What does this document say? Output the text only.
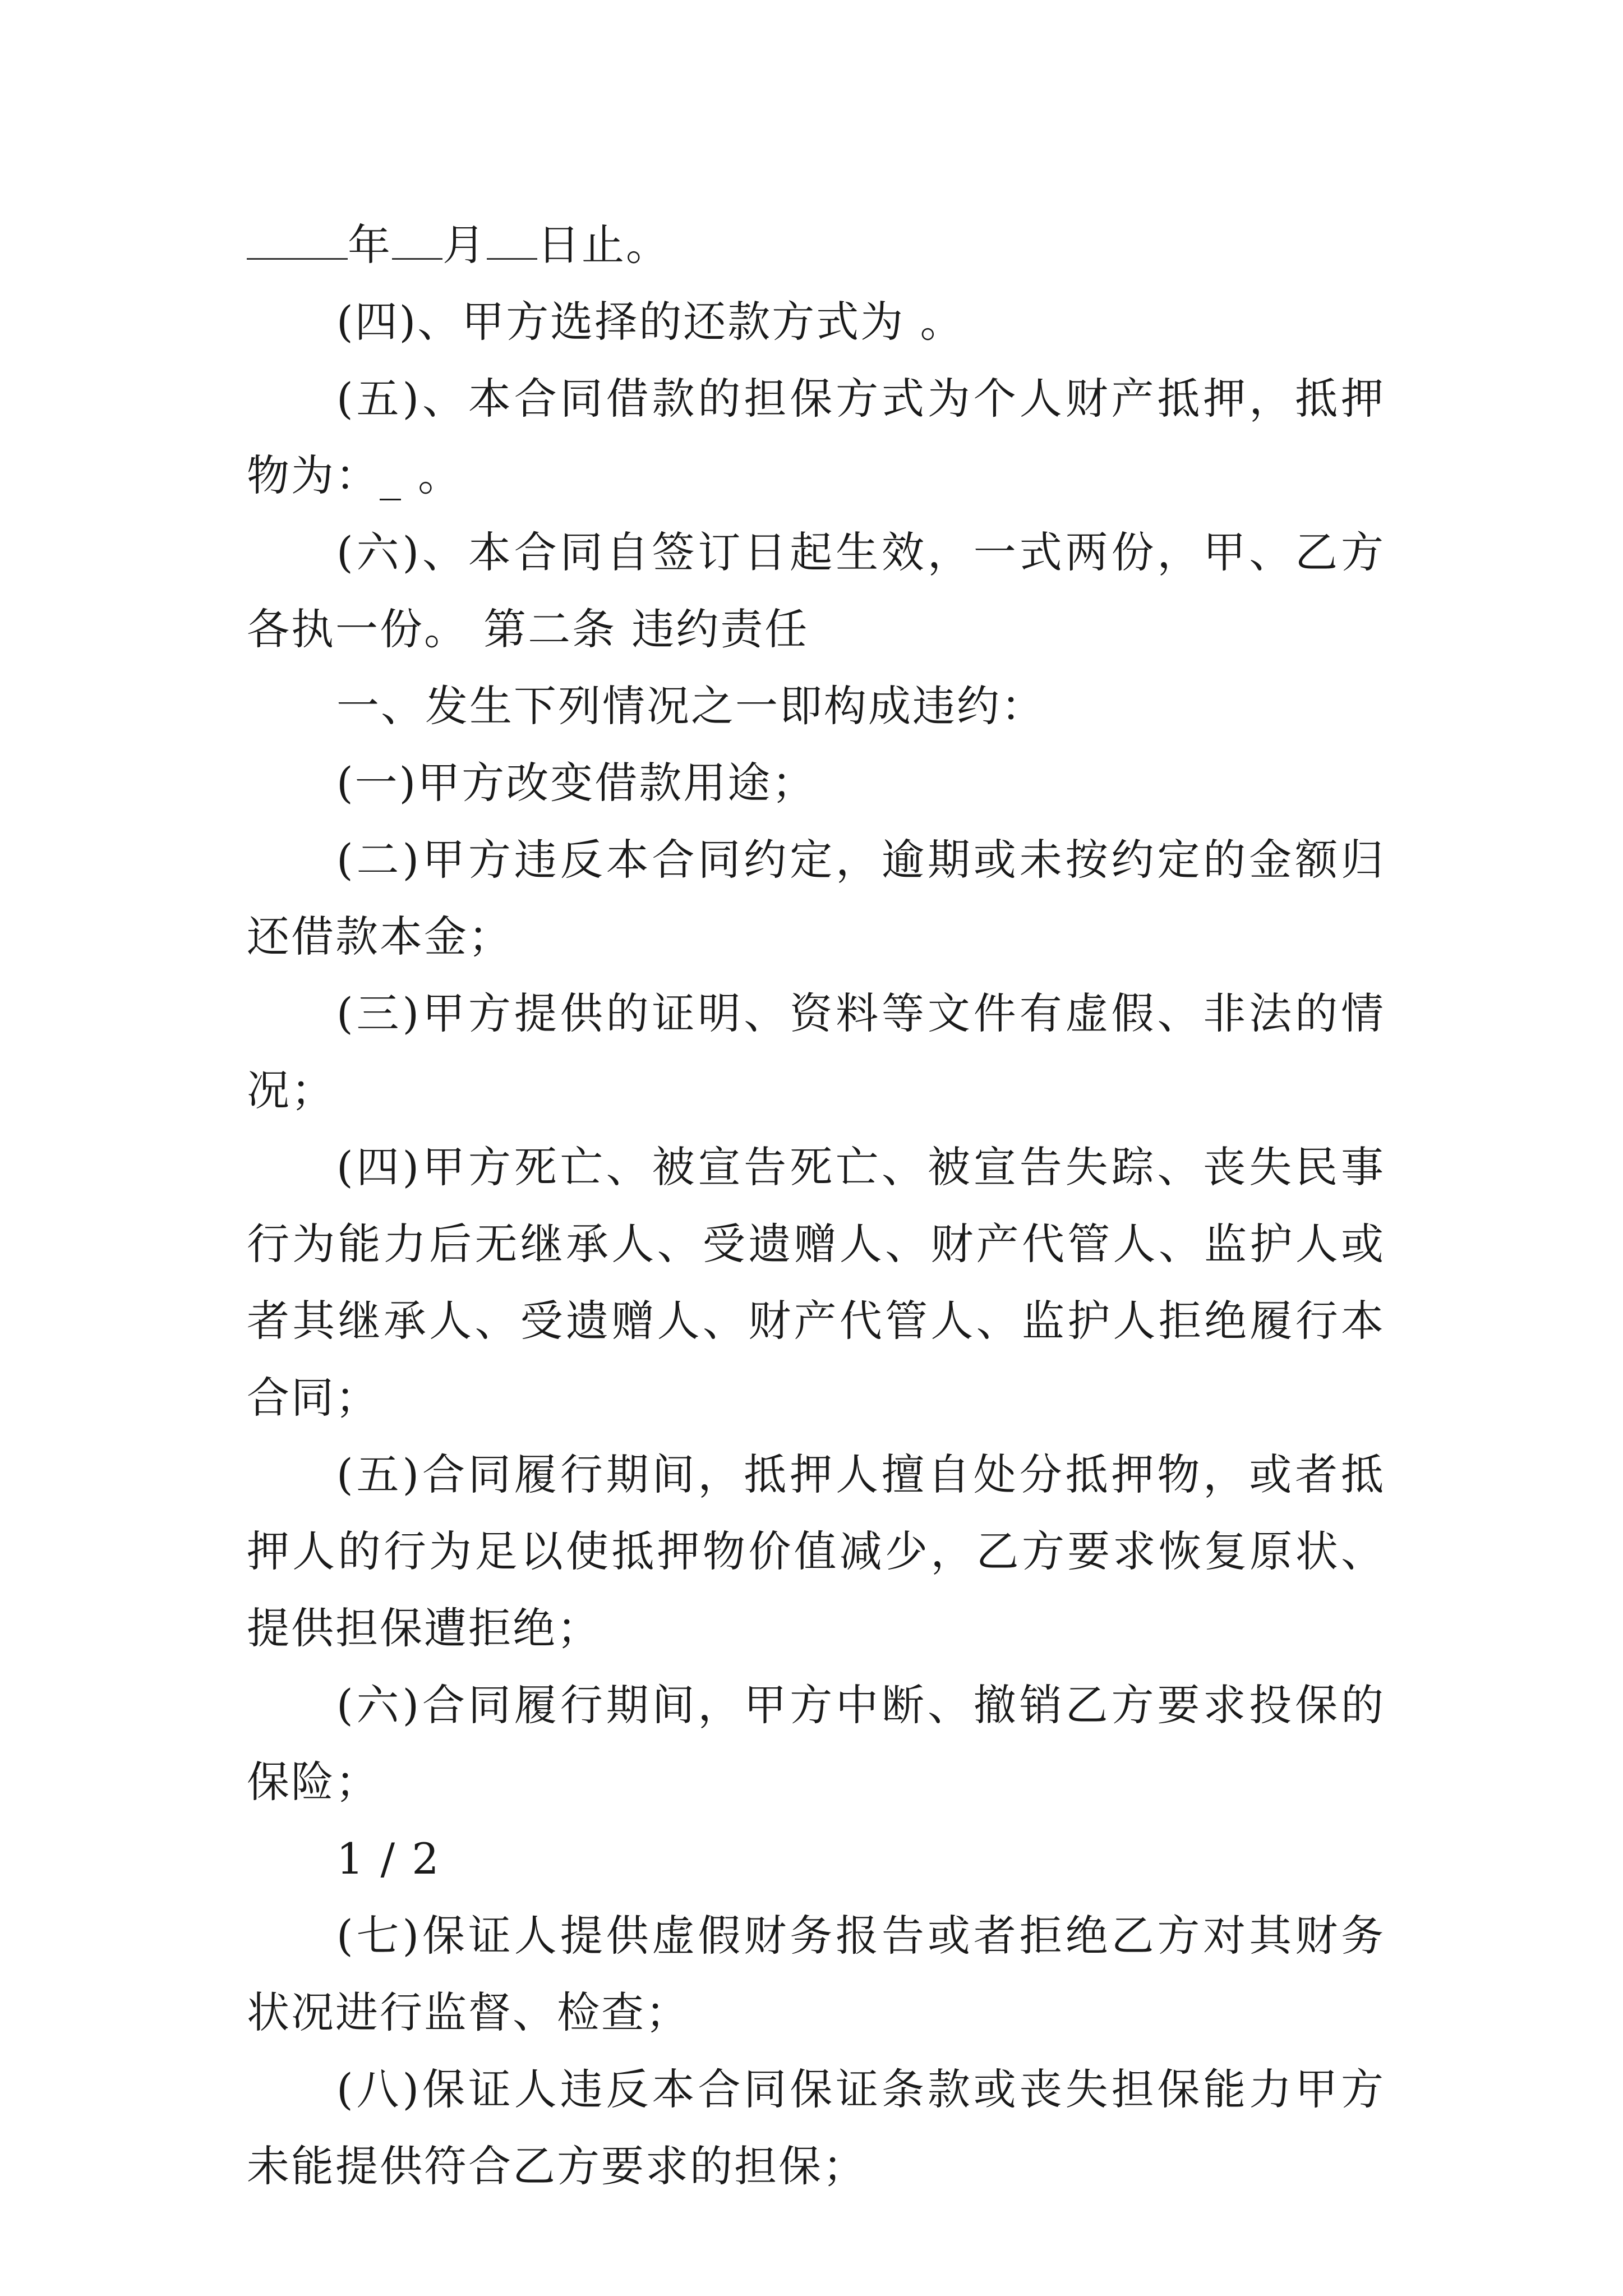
年 月 日止。

(四)、甲方选择的还款方式为 。

(五)、本合同借款的担保方式为个人财产抵押，抵押物为：_ 。

(六)、本合同自签订日起生效，一式两份，甲、乙方各执一份。 第二条 违约责任

一、发生下列情况之一即构成违约：

(一)甲方改变借款用途；

(二)甲方违反本合同约定，逾期或未按约定的金额归还借款本金；

(三)甲方提供的证明、资料等文件有虚假、非法的情况；

(四)甲方死亡、被宣告死亡、被宣告失踪、丧失民事行为能力后无继承人、受遗赠人、财产代管人、监护人或者其继承人、受遗赠人、财产代管人、监护人拒绝履行本合同；

(五)合同履行期间，抵押人擅自处分抵押物，或者抵押人的行为足以使抵押物价值减少，乙方要求恢复原状、提供担保遭拒绝；

(六)合同履行期间，甲方中断、撤销乙方要求投保的保险；

1 / 2

(七)保证人提供虚假财务报告或者拒绝乙方对其财务状况进行监督、检查；

(八)保证人违反本合同保证条款或丧失担保能力甲方未能提供符合乙方要求的担保；
